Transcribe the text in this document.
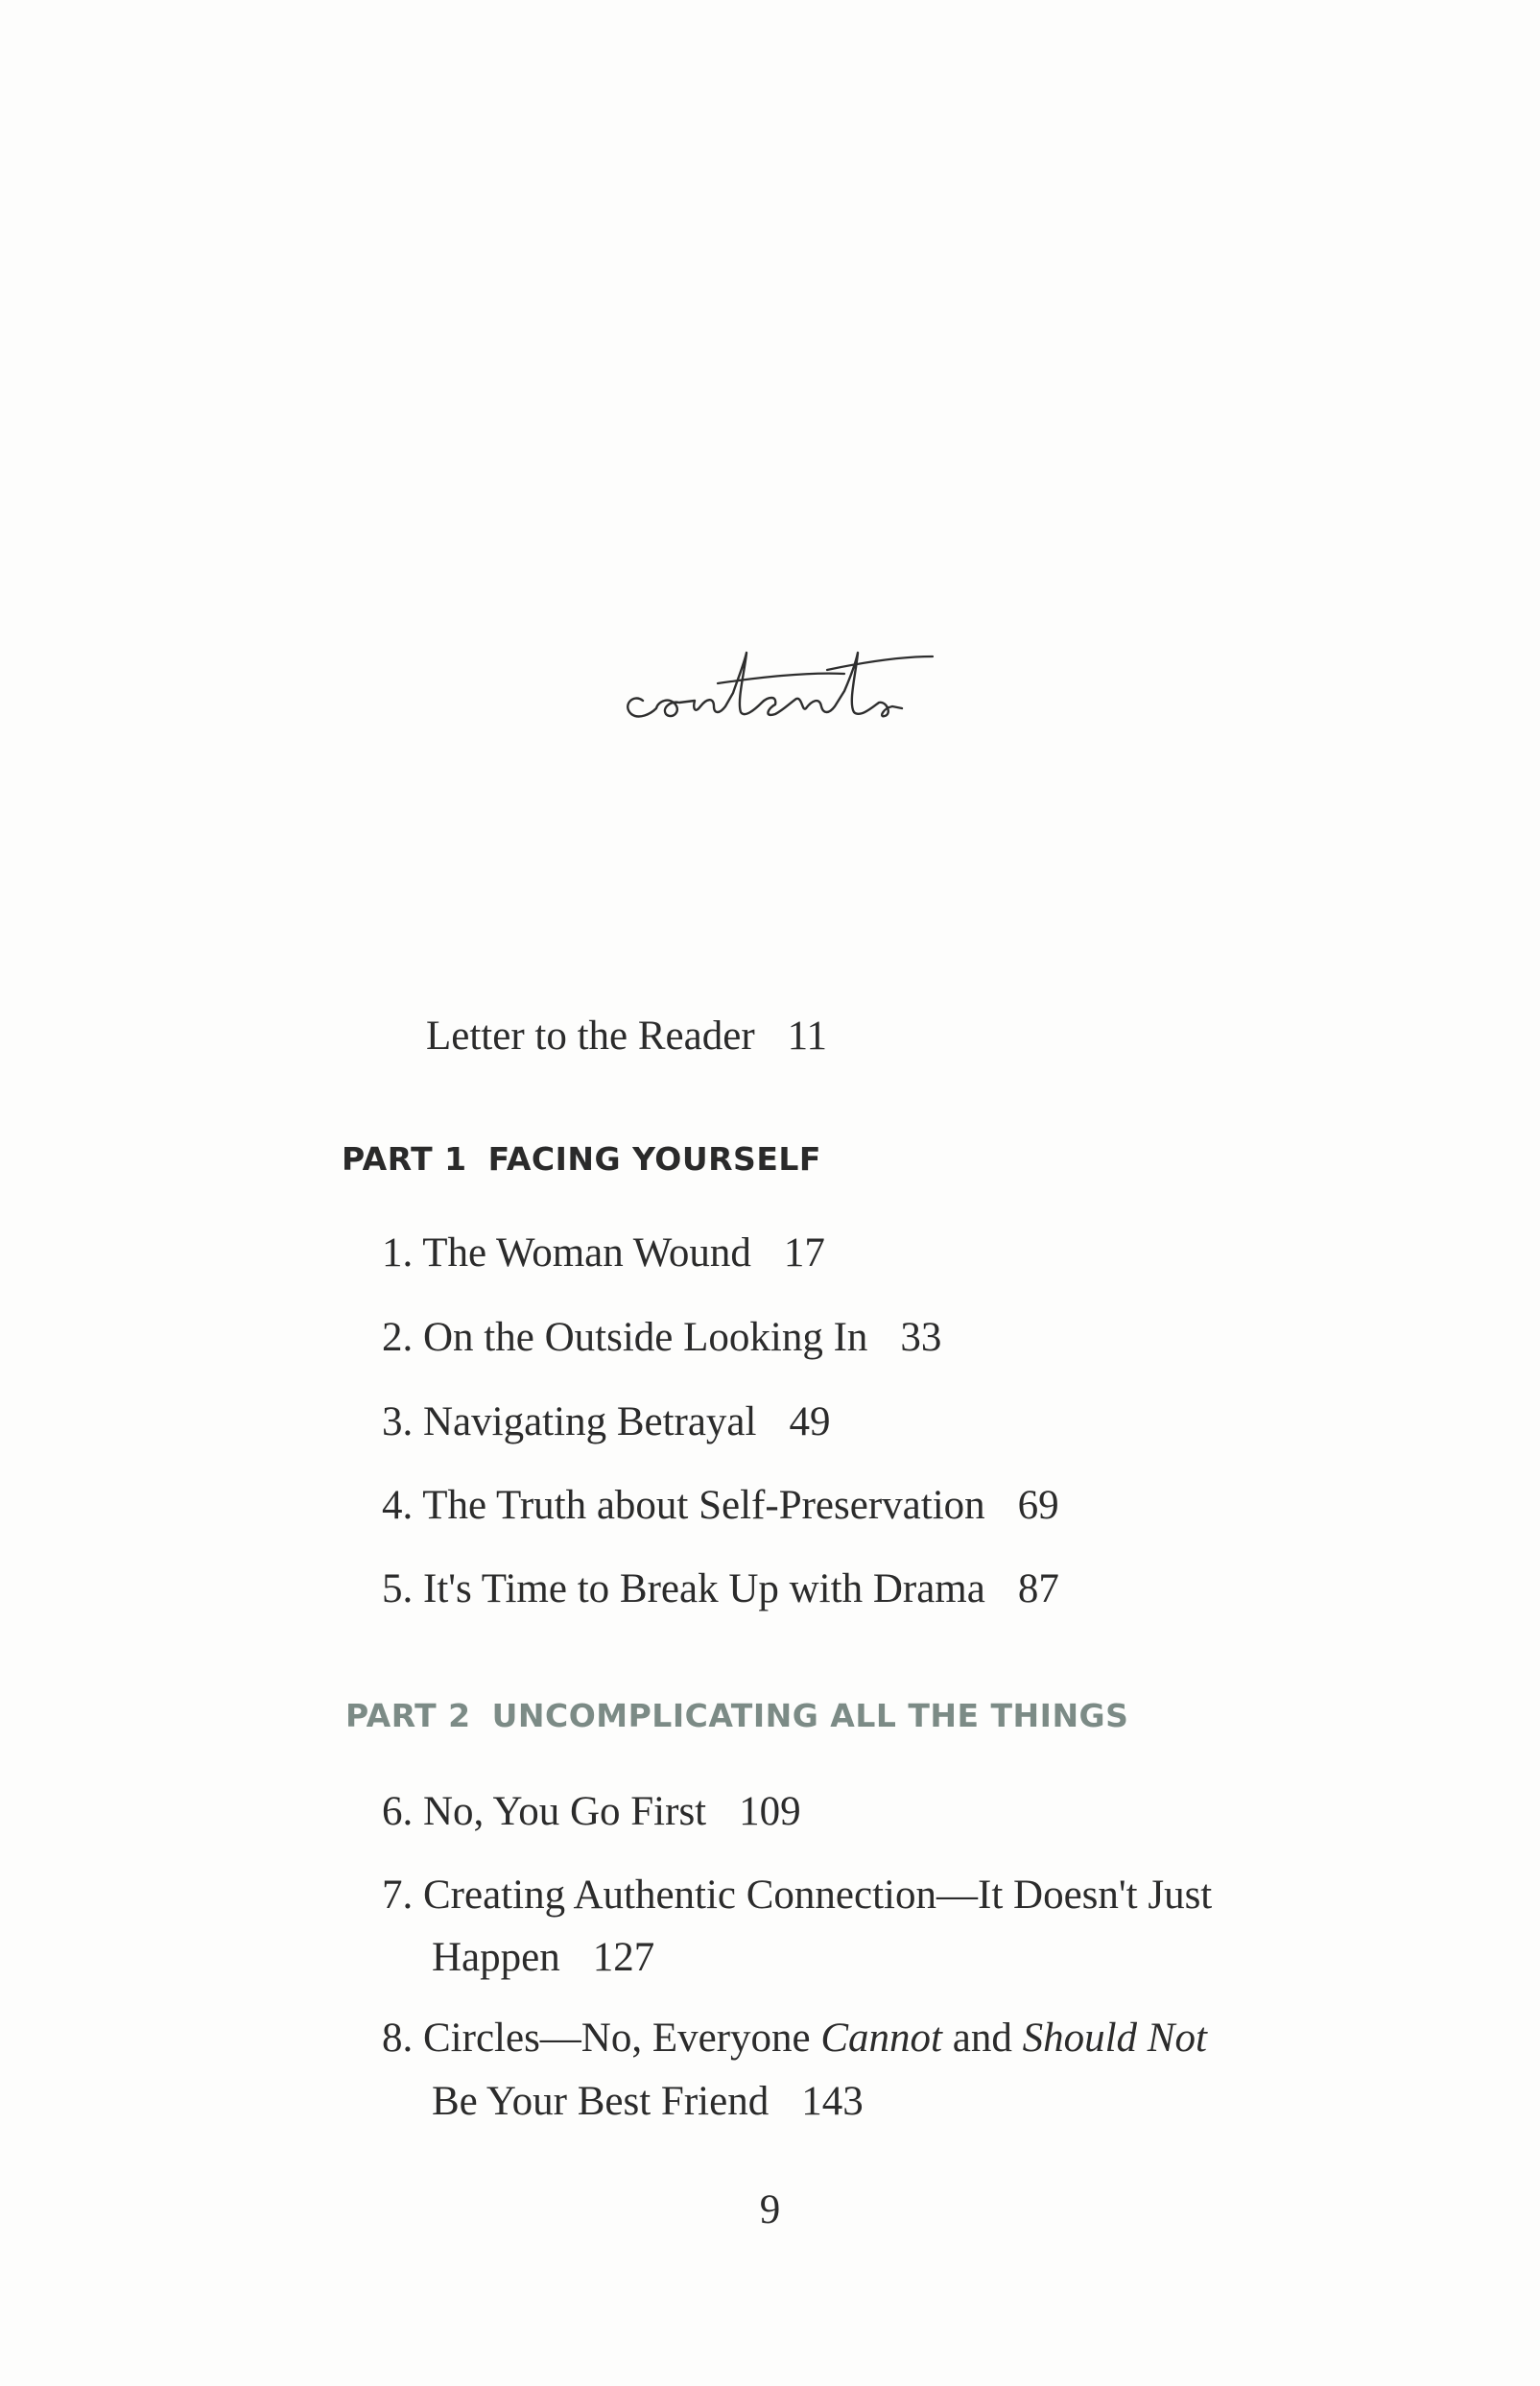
Letter to the Reader 11
PART 1 FACING YOURSELF
1. The Woman Wound 17
2. On the Outside Looking In 33
3. Navigating Betrayal 49
4. The Truth about Self-Preservation 69
5. It's Time to Break Up with Drama 87
PART 2 UNCOMPLICATING ALL THE THINGS
6. No, You Go First 109
7. Creating Authentic Connection—It Doesn't Just
Happen 127
8. Circles—No, Everyone Cannot and Should Not
Be Your Best Friend 143
9
